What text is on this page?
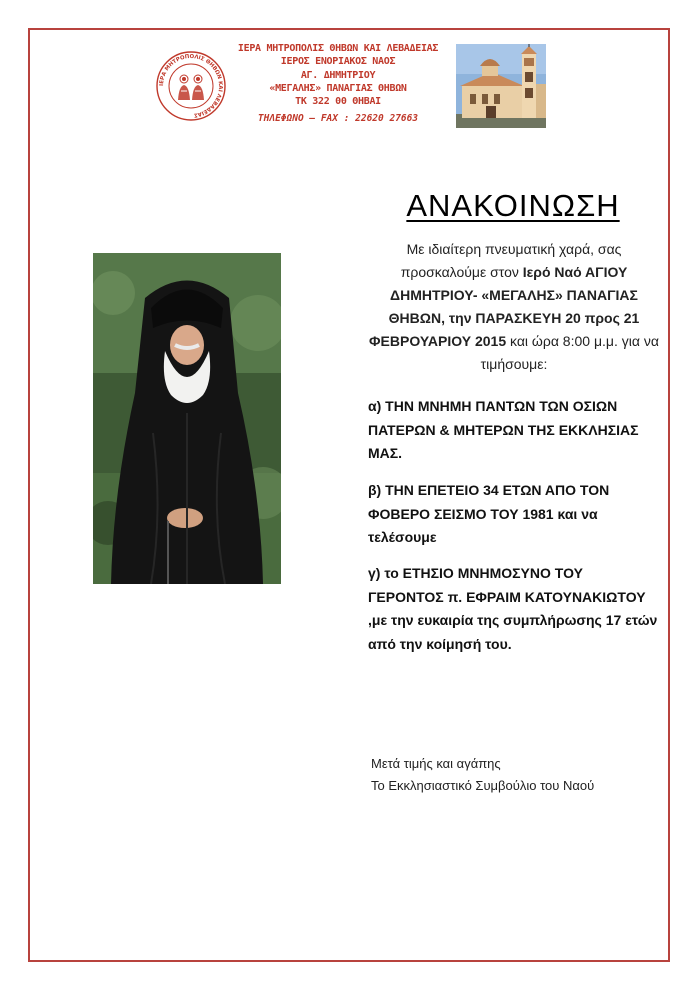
ΙΕΡΑ ΜΗΤΡΟΠΟΛΙΣ ΘΗΒΩΝ ΚΑΙ ΛΕΒΑΔΕΙΑΣ
ΙΕΡΑ ΜΗΤΡΟΠΟΛΙΣ ΘΗΒΩΝ ΚΑΙ ΛΕΒΑΔΕΙΑΣ
ΙΕΡΟΣ ΕΝΟΡΙΑΚΟΣ ΝΑΟΣ
ΑΓ. ΔΗΜΗΤΡΙΟΥ
«ΜΕΓΑΛΗΣ» ΠΑΝΑΓΙΑΣ ΘΗΒΩΝ
ΤΚ 322 00 ΘΗΒΑΙ
ΤΗΛΕΦΩΝΟ – FAX : 22620 27663
ΑΝΑΚΟΙΝΩΣΗ
Με ιδιαίτερη πνευματική χαρά, σας προσκαλούμε στον Ιερό Ναό ΑΓΙΟΥ ΔΗΜΗΤΡΙΟΥ- «ΜΕΓΑΛΗΣ» ΠΑΝΑΓΙΑΣ ΘΗΒΩΝ, την ΠΑΡΑΣΚΕΥΗ 20 προς 21 ΦΕΒΡΟΥΑΡΙΟΥ 2015 και ώρα 8:00 μ.μ. για να τιμήσουμε:
α) ΤΗΝ ΜΝΗΜΗ ΠΑΝΤΩΝ ΤΩΝ ΟΣΙΩΝ ΠΑΤΕΡΩΝ & ΜΗΤΕΡΩΝ ΤΗΣ ΕΚΚΛΗΣΙΑΣ ΜΑΣ.
β) ΤΗΝ ΕΠΕΤΕΙΟ 34 ΕΤΩΝ ΑΠΟ ΤΟΝ ΦΟΒΕΡΟ ΣΕΙΣΜΟ ΤΟΥ 1981 και να τελέσουμε
γ) το ΕΤΗΣΙΟ ΜΝΗΜΟΣΥΝΟ ΤΟΥ ΓΕΡΟΝΤΟΣ π. ΕΦΡΑΙΜ ΚΑΤΟΥΝΑΚΙΩΤΟΥ ,με την ευκαιρία της συμπλήρωσης 17 ετών από την κοίμησή του.
Μετά τιμής και αγάπης
Το Εκκλησιαστικό Συμβούλιο του Ναού
